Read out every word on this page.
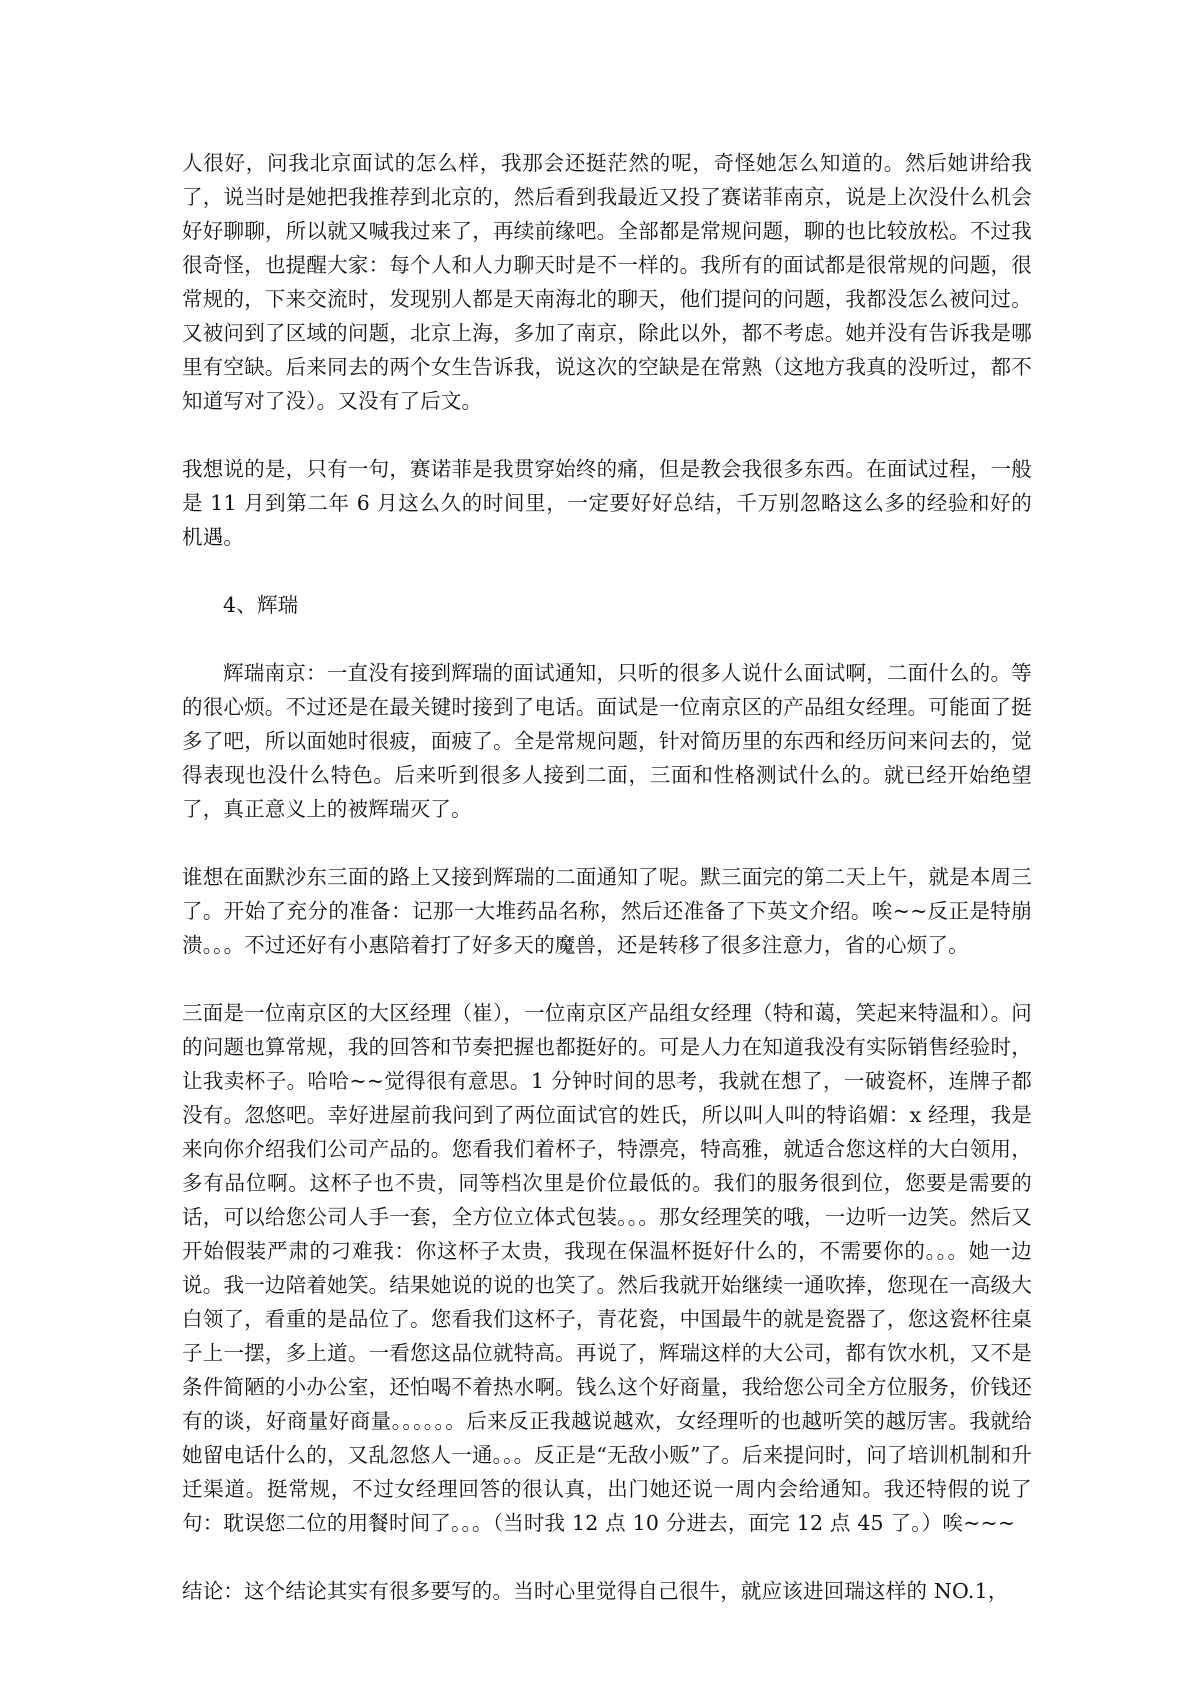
人很好，问我北京面试的怎么样，我那会还挺茫然的呢，奇怪她怎么知道的。然后她讲给我了，说当时是她把我推荐到北京的，然后看到我最近又投了赛诺菲南京，说是上次没什么机会好好聊聊，所以就又喊我过来了，再续前缘吧。全部都是常规问题，聊的也比较放松。不过我很奇怪，也提醒大家：每个人和人力聊天时是不一样的。我所有的面试都是很常规的问题，很常规的，下来交流时，发现别人都是天南海北的聊天，他们提问的问题，我都没怎么被问过。又被问到了区域的问题，北京上海，多加了南京，除此以外，都不考虑。她并没有告诉我是哪里有空缺。后来同去的两个女生告诉我，说这次的空缺是在常熟（这地方我真的没听过，都不知道写对了没）。又没有了后文。

我想说的是，只有一句，赛诺菲是我贯穿始终的痛，但是教会我很多东西。在面试过程，一般是 11 月到第二年 6 月这么久的时间里，一定要好好总结，千万别忽略这么多的经验和好的机遇。

4、辉瑞

辉瑞南京：一直没有接到辉瑞的面试通知，只听的很多人说什么面试啊，二面什么的。等的很心烦。不过还是在最关键时接到了电话。面试是一位南京区的产品组女经理。可能面了挺多了吧，所以面她时很疲，面疲了。全是常规问题，针对简历里的东西和经历问来问去的，觉得表现也没什么特色。后来听到很多人接到二面，三面和性格测试什么的。就已经开始绝望了，真正意义上的被辉瑞灭了。

谁想在面默沙东三面的路上又接到辉瑞的二面通知了呢。默三面完的第二天上午，就是本周三了。开始了充分的准备：记那一大堆药品名称，然后还准备了下英文介绍。唉~~反正是特崩溃。。。不过还好有小惠陪着打了好多天的魔兽，还是转移了很多注意力，省的心烦了。

三面是一位南京区的大区经理（崔），一位南京区产品组女经理（特和蔼，笑起来特温和）。问的问题也算常规，我的回答和节奏把握也都挺好的。可是人力在知道我没有实际销售经验时，让我卖杯子。哈哈~~觉得很有意思。1 分钟时间的思考，我就在想了，一破瓷杯，连牌子都没有。忽悠吧。幸好进屋前我问到了两位面试官的姓氏，所以叫人叫的特谄媚：x 经理，我是来向你介绍我们公司产品的。您看我们着杯子，特漂亮，特高雅，就适合您这样的大白领用，多有品位啊。这杯子也不贵，同等档次里是价位最低的。我们的服务很到位，您要是需要的话，可以给您公司人手一套，全方位立体式包装。。。那女经理笑的哦，一边听一边笑。然后又开始假装严肃的刁难我：你这杯子太贵，我现在保温杯挺好什么的，不需要你的。。。她一边说。我一边陪着她笑。结果她说的说的也笑了。然后我就开始继续一通吹捧，您现在一高级大白领了，看重的是品位了。您看我们这杯子，青花瓷，中国最牛的就是瓷器了，您这瓷杯往桌子上一摆，多上道。一看您这品位就特高。再说了，辉瑞这样的大公司，都有饮水机，又不是条件简陋的小办公室，还怕喝不着热水啊。钱么这个好商量，我给您公司全方位服务，价钱还有的谈，好商量好商量。。。。。。后来反正我越说越欢，女经理听的也越听笑的越厉害。我就给她留电话什么的，又乱忽悠人一通。。。反正是“无敌小贩”了。后来提问时，问了培训机制和升迁渠道。挺常规，不过女经理回答的很认真，出门她还说一周内会给通知。我还特假的说了句：耽误您二位的用餐时间了。。。（当时我 12 点 10 分进去，面完 12 点 45 了。）唉~~~

结论：这个结论其实有很多要写的。当时心里觉得自己很牛，就应该进回瑞这样的 NO.1，
